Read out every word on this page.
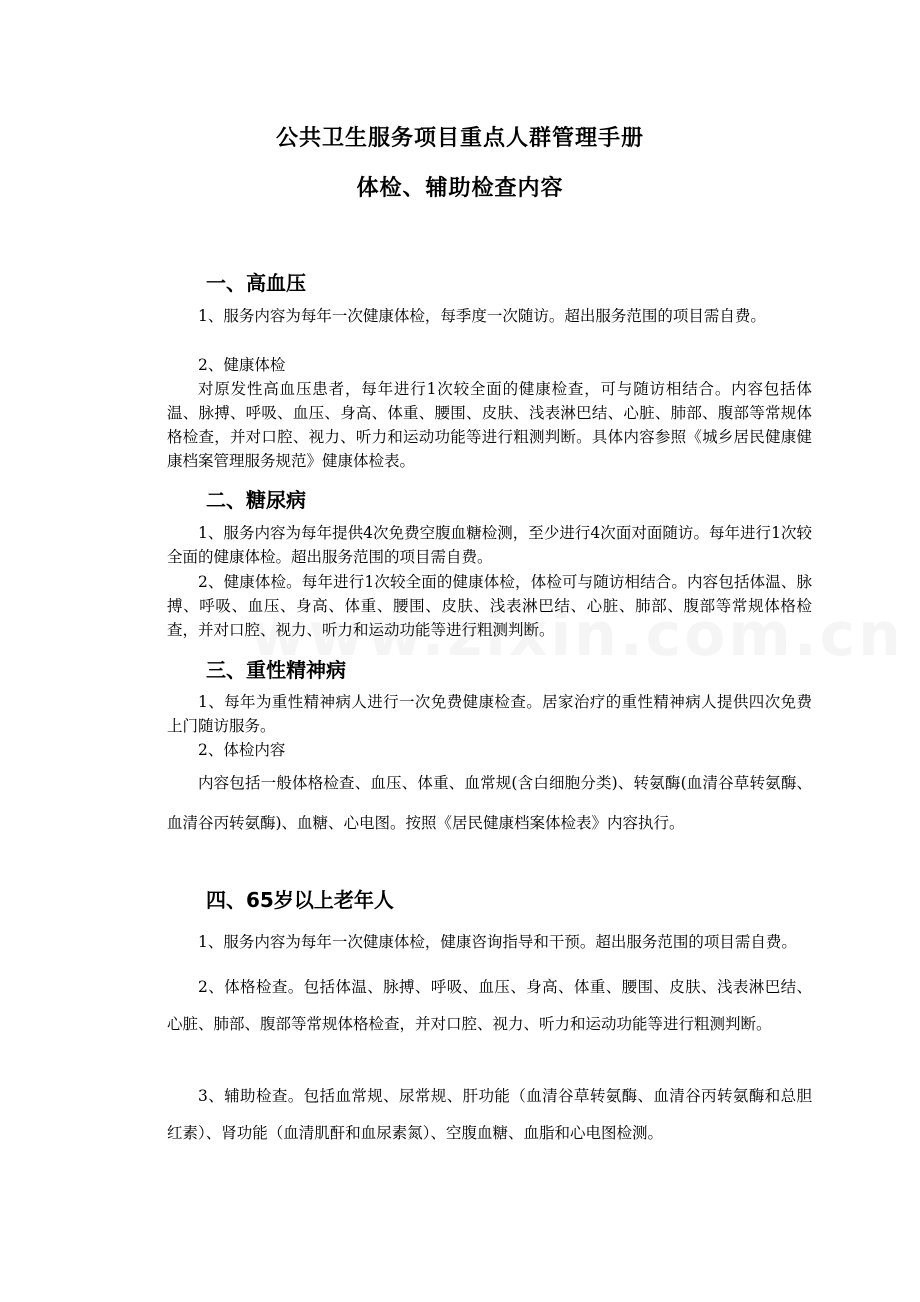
公共卫生服务项目重点人群管理手册
体检、辅助检查内容
一、高血压

1、服务内容为每年一次健康体检，每季度一次随访。超出服务范围的项目需自费。

2、健康体检

对原发性高血压患者，每年进行1次较全面的健康检查，可与随访相结合。内容包括体温、脉搏、呼吸、血压、身高、体重、腰围、皮肤、浅表淋巴结、心脏、肺部、腹部等常规体格检查，并对口腔、视力、听力和运动功能等进行粗测判断。具体内容参照《城乡居民健康健康档案管理服务规范》健康体检表。

二、糖尿病

1、服务内容为每年提供4次免费空腹血糖检测，至少进行4次面对面随访。每年进行1次较全面的健康体检。超出服务范围的项目需自费。

2、健康体检。每年进行1次较全面的健康体检，体检可与随访相结合。内容包括体温、脉搏、呼吸、血压、身高、体重、腰围、皮肤、浅表淋巴结、心脏、肺部、腹部等常规体格检查，并对口腔、视力、听力和运动功能等进行粗测判断。

三、重性精神病

1、每年为重性精神病人进行一次免费健康检查。居家治疗的重性精神病人提供四次免费上门随访服务。

2、体检内容

内容包括一般体格检查、血压、体重、血常规(含白细胞分类)、转氨酶(血清谷草转氨酶、血清谷丙转氨酶)、血糖、心电图。按照《居民健康档案体检表》内容执行。

四、65岁以上老年人

1、服务内容为每年一次健康体检，健康咨询指导和干预。超出服务范围的项目需自费。

2、体格检查。包括体温、脉搏、呼吸、血压、身高、体重、腰围、皮肤、浅表淋巴结、心脏、肺部、腹部等常规体格检查，并对口腔、视力、听力和运动功能等进行粗测判断。

3、辅助检查。包括血常规、尿常规、肝功能（血清谷草转氨酶、血清谷丙转氨酶和总胆红素）、肾功能（血清肌酐和血尿素氮）、空腹血糖、血脂和心电图检测。
